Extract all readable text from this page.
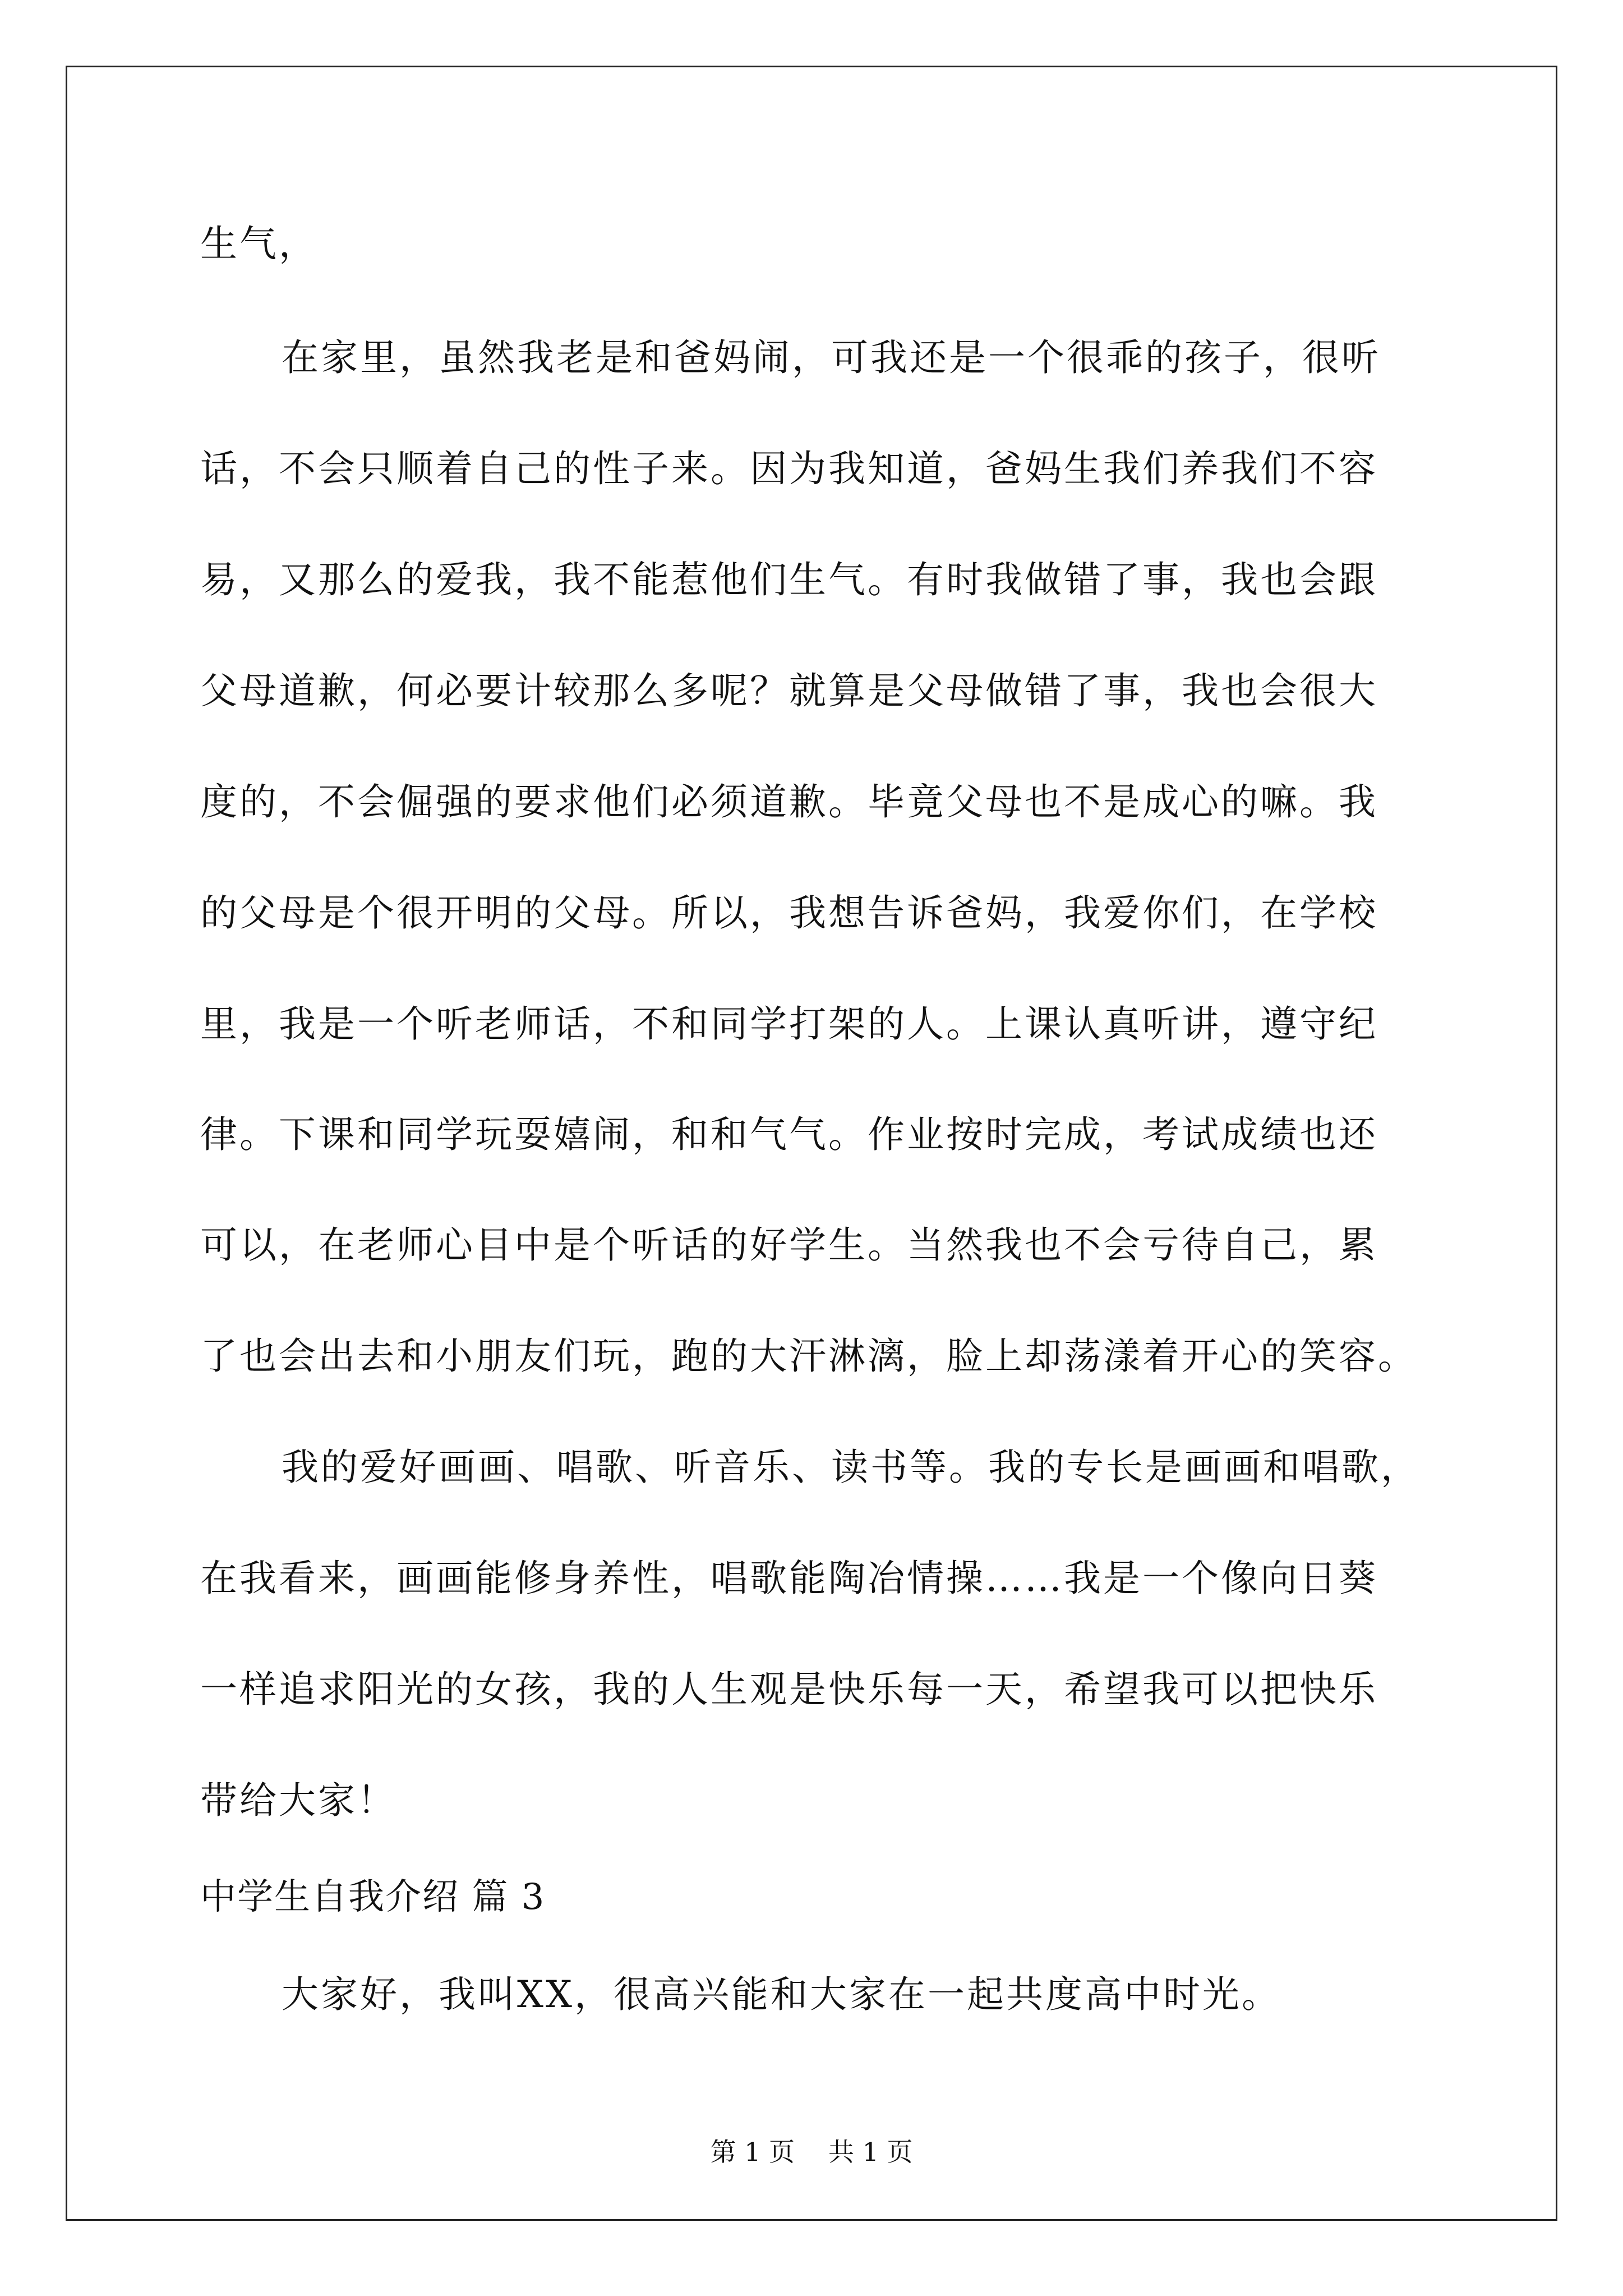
生气，
在家里，虽然我老是和爸妈闹，可我还是一个很乖的孩子，很听
话，不会只顺着自己的性子来。因为我知道，爸妈生我们养我们不容
易，又那么的爱我，我不能惹他们生气。有时我做错了事，我也会跟
父母道歉，何必要计较那么多呢？就算是父母做错了事，我也会很大
度的，不会倔强的要求他们必须道歉。毕竟父母也不是成心的嘛。我
的父母是个很开明的父母。所以，我想告诉爸妈，我爱你们，在学校
里，我是一个听老师话，不和同学打架的人。上课认真听讲，遵守纪
律。下课和同学玩耍嬉闹，和和气气。作业按时完成，考试成绩也还
可以，在老师心目中是个听话的好学生。当然我也不会亏待自己，累
了也会出去和小朋友们玩，跑的大汗淋漓，脸上却荡漾着开心的笑容。
我的爱好画画、唱歌、听音乐、读书等。我的专长是画画和唱歌，
在我看来，画画能修身养性，唱歌能陶冶情操……我是一个像向日葵
一样追求阳光的女孩，我的人生观是快乐每一天，希望我可以把快乐
带给大家！
中学生自我介绍 篇 3
大家好，我叫XX，很高兴能和大家在一起共度高中时光。
第 1 页 共 1 页
